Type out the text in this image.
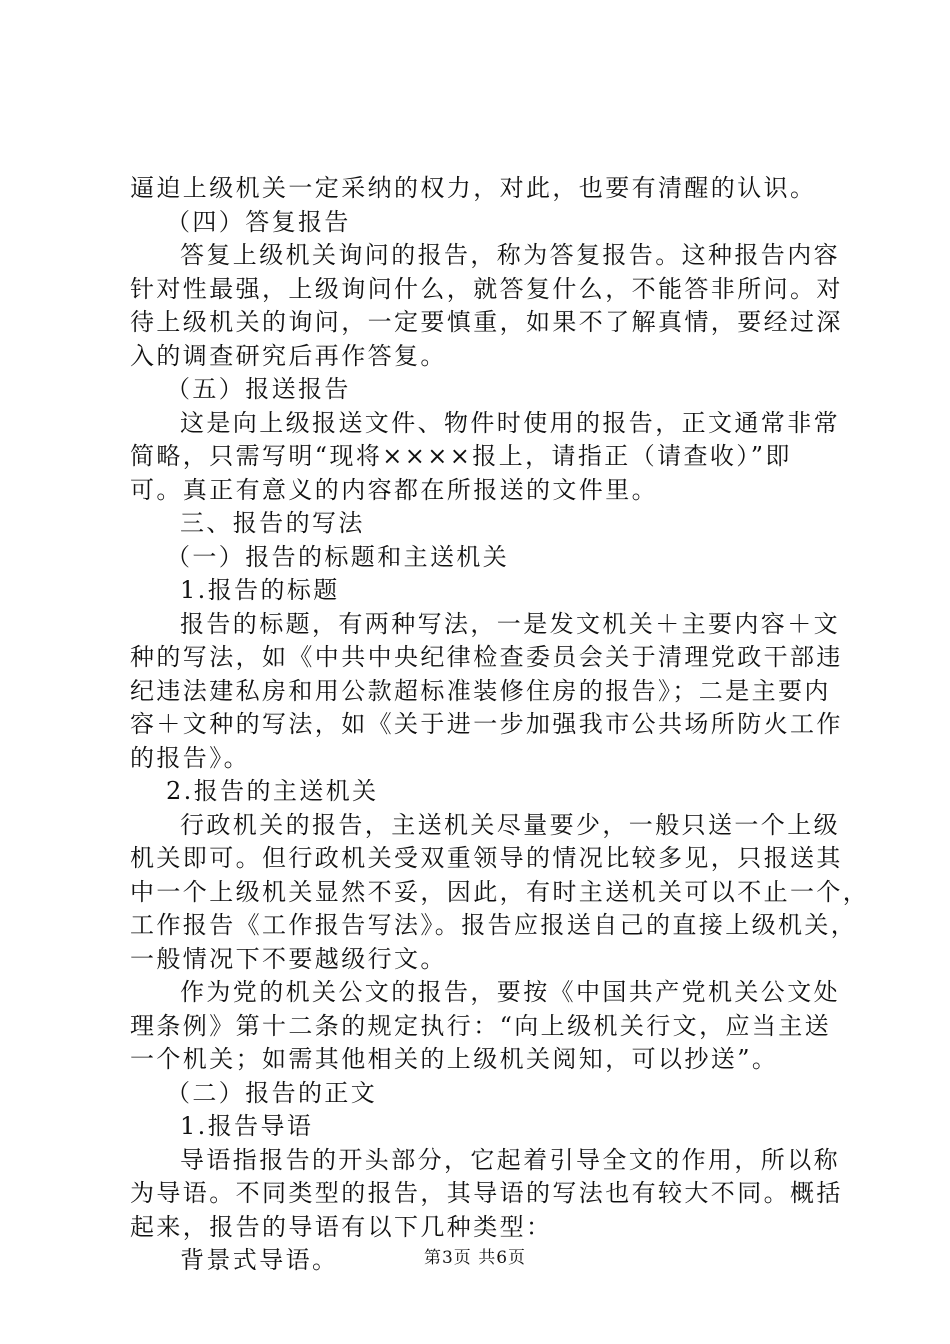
逼迫上级机关一定采纳的权力，对此，也要有清醒的认识。
（四）答复报告
答复上级机关询问的报告，称为答复报告。这种报告内容
针对性最强，上级询问什么，就答复什么，不能答非所问。对
待上级机关的询问，一定要慎重，如果不了解真情，要经过深
入的调查研究后再作答复。
（五）报送报告
这是向上级报送文件、物件时使用的报告，正文通常非常
简略，只需写明“现将××××报上，请指正（请查收）”即
可。真正有意义的内容都在所报送的文件里。
三、报告的写法
（一）报告的标题和主送机关
1.报告的标题
报告的标题，有两种写法，一是发文机关＋主要内容＋文
种的写法，如《中共中央纪律检查委员会关于清理党政干部违
纪违法建私房和用公款超标准装修住房的报告》；二是主要内
容＋文种的写法，如《关于进一步加强我市公共场所防火工作
的报告》。
2.报告的主送机关
行政机关的报告，主送机关尽量要少，一般只送一个上级
机关即可。但行政机关受双重领导的情况比较多见，只报送其
中一个上级机关显然不妥，因此，有时主送机关可以不止一个，
工作报告《工作报告写法》。报告应报送自己的直接上级机关，
一般情况下不要越级行文。
作为党的机关公文的报告，要按《中国共产党机关公文处
理条例》第十二条的规定执行：“向上级机关行文，应当主送
一个机关；如需其他相关的上级机关阅知，可以抄送”。
（二）报告的正文
1.报告导语
导语指报告的开头部分，它起着引导全文的作用，所以称
为导语。不同类型的报告，其导语的写法也有较大不同。概括
起来，报告的导语有以下几种类型：
背景式导语。	第3页 共6页
